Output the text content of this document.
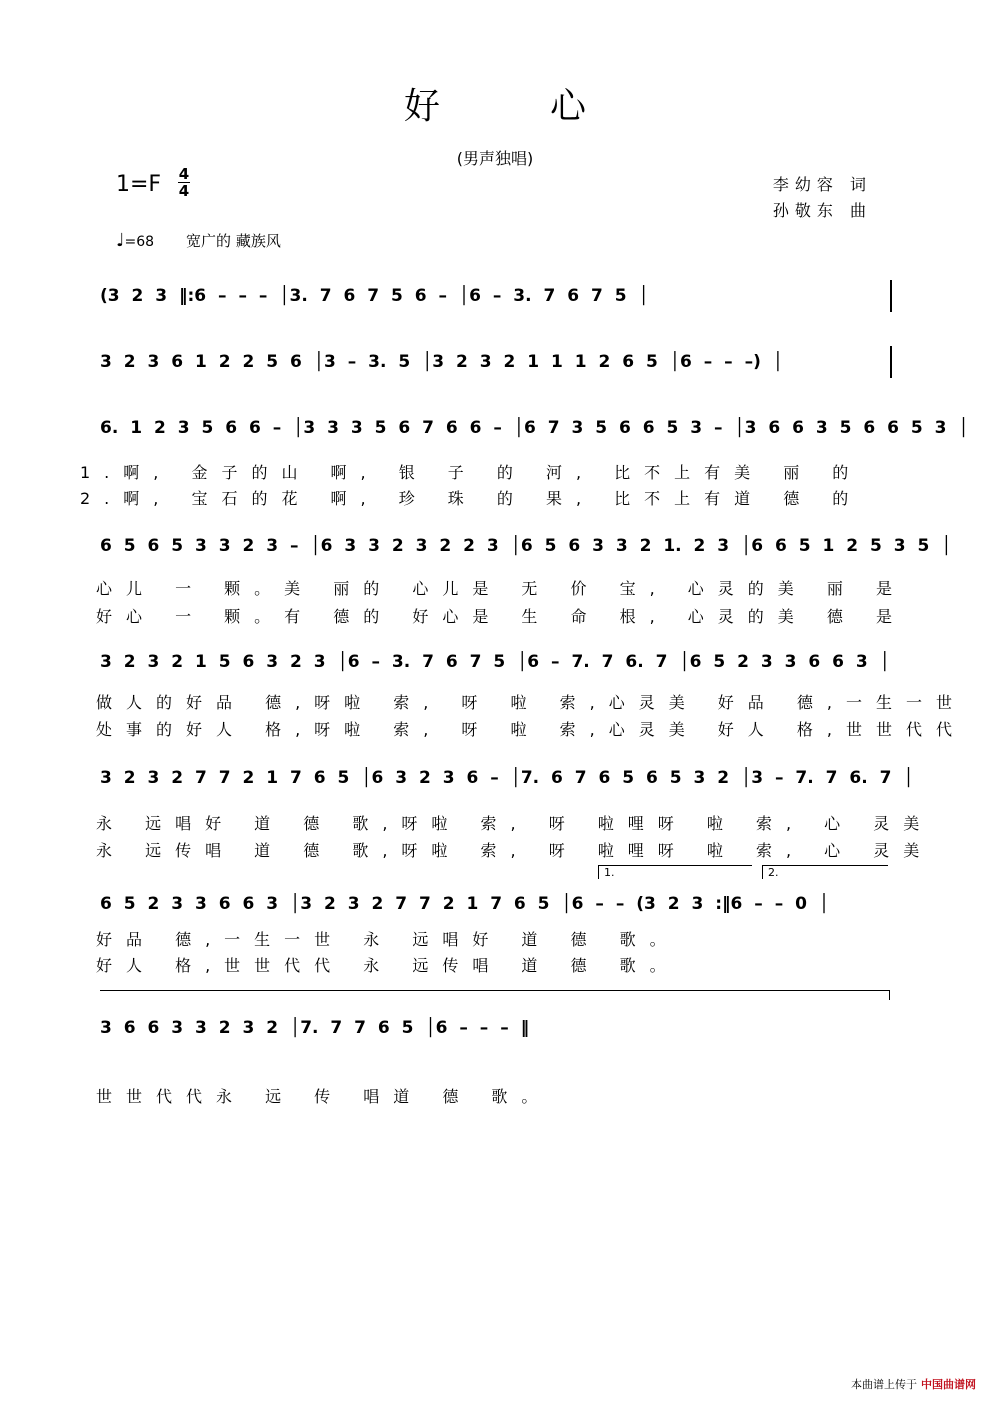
好心
(男声独唱)
1=F 4
4	李幼容 词
孙敬东 曲
♩=68 宽广的 藏族风
(3 2 3 ‖:6 – – – │3. 7 6 7 5 6 – │6 – 3. 7 6 7 5 │
3 2 3 6 1 2 2 5 6 │3 – 3. 5 │3 2 3 2 1 1 1 2 6 5 │6 – – –) │
6. 1 2 3 5 6 6 – │3 3 3 5 6 7 6 6 – │6 7 3 5 6 6 5 3 – │3 6 6 3 5 6 6 5 3 │
1.啊, 金子的山 啊, 银 子 的 河, 比不上有美 丽 的
2.啊, 宝石的花 啊, 珍 珠 的 果, 比不上有道 德 的
6 5 6 5 3 3 2 3 – │6 3 3 2 3 2 2 3 │6 5 6 3 3 2 1. 2 3 │6 6 5 1 2 5 3 5 │
心儿 一 颗。美 丽的 心儿是 无 价 宝, 心灵的美 丽 是
好心 一 颗。有 德的 好心是 生 命 根, 心灵的美 德 是
3 2 3 2 1 5 6 3 2 3 │6 – 3. 7 6 7 5 │6 – 7. 7 6. 7 │6 5 2 3 3 6 6 3 │
做人的好品 德,呀啦 索, 呀 啦 索,心灵美 好品 德,一生一世
处事的好人 格,呀啦 索, 呀 啦 索,心灵美 好人 格,世世代代
3 2 3 2 7 7 2 1 7 6 5 │6 3 2 3 6 – │7. 6 7 6 5 6 5 3 2 │3 – 7. 7 6. 7 │
永 远唱好 道 德 歌,呀啦 索, 呀 啦哩呀 啦 索, 心 灵美
永 远传唱 道 德 歌,呀啦 索, 呀 啦哩呀 啦 索, 心 灵美
1.	2.
6 5 2 3 3 6 6 3 │3 2 3 2 7 7 2 1 7 6 5 │6 – – (3 2 3 :‖6 – – 0 │
好品 德,一生一世 永 远唱好 道 德 歌。
好人 格,世世代代 永 远传唱 道 德 歌。
3 6 6 3 3 2 3 2 │7. 7 7 6 5 │6 – – – ‖
世世代代永 远 传 唱道 德 歌。
本曲谱上传于 中国曲谱网
